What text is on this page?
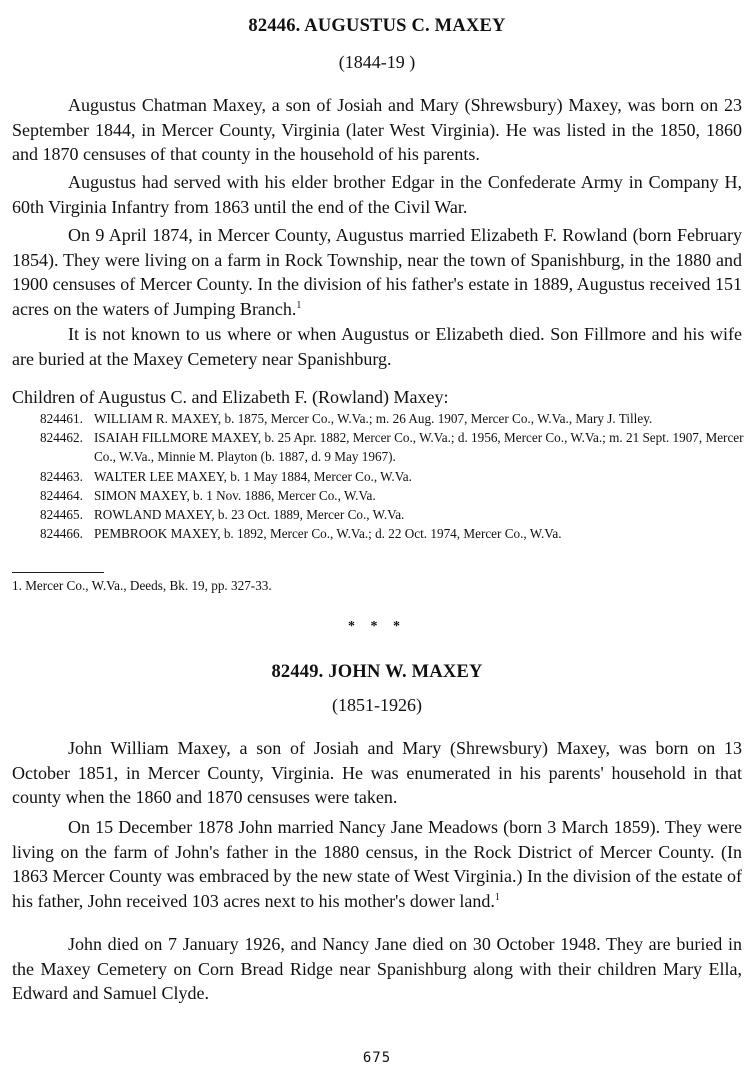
82446. AUGUSTUS C. MAXEY
(1844-19 )

Augustus Chatman Maxey, a son of Josiah and Mary (Shrewsbury) Maxey, was born on 23 September 1844, in Mercer County, Virginia (later West Virginia). He was listed in the 1850, 1860 and 1870 censuses of that county in the household of his parents.

Augustus had served with his elder brother Edgar in the Confederate Army in Company H, 60th Virginia Infantry from 1863 until the end of the Civil War.

On 9 April 1874, in Mercer County, Augustus married Elizabeth F. Rowland (born February 1854). They were living on a farm in Rock Township, near the town of Spanishburg, in the 1880 and 1900 censuses of Mercer County. In the division of his father's estate in 1889, Augustus received 151 acres on the waters of Jumping Branch.$^1$

It is not known to us where or when Augustus or Elizabeth died. Son Fillmore and his wife are buried at the Maxey Cemetery near Spanishburg.

Children of Augustus C. and Elizabeth F. (Rowland) Maxey:
824461. WILLIAM R. MAXEY, b. 1875, Mercer Co., W.Va.; m. 26 Aug. 1907, Mercer Co., W.Va., Mary J. Tilley.
824462. ISAIAH FILLMORE MAXEY, b. 25 Apr. 1882, Mercer Co., W.Va.; d. 1956, Mercer Co., W.Va.; m. 21 Sept. 1907, Mercer Co., W.Va., Minnie M. Playton (b. 1887, d. 9 May 1967).
824463. WALTER LEE MAXEY, b. 1 May 1884, Mercer Co., W.Va.
824464. SIMON MAXEY, b. 1 Nov. 1886, Mercer Co., W.Va.
824465. ROWLAND MAXEY, b. 23 Oct. 1889, Mercer Co., W.Va.
824466. PEMBROOK MAXEY, b. 1892, Mercer Co., W.Va.; d. 22 Oct. 1974, Mercer Co., W.Va.
1. Mercer Co., W.Va., Deeds, Bk. 19, pp. 327-33.
* * *
82449. JOHN W. MAXEY
(1851-1926)

John William Maxey, a son of Josiah and Mary (Shrewsbury) Maxey, was born on 13 October 1851, in Mercer County, Virginia. He was enumerated in his parents' household in that county when the 1860 and 1870 censuses were taken.

On 15 December 1878 John married Nancy Jane Meadows (born 3 March 1859). They were living on the farm of John's father in the 1880 census, in the Rock District of Mercer County. (In 1863 Mercer County was embraced by the new state of West Virginia.) In the division of the estate of his father, John received 103 acres next to his mother's dower land.$^1$

John died on 7 January 1926, and Nancy Jane died on 30 October 1948. They are buried in the Maxey Cemetery on Corn Bread Ridge near Spanishburg along with their children Mary Ella, Edward and Samuel Clyde.

675
